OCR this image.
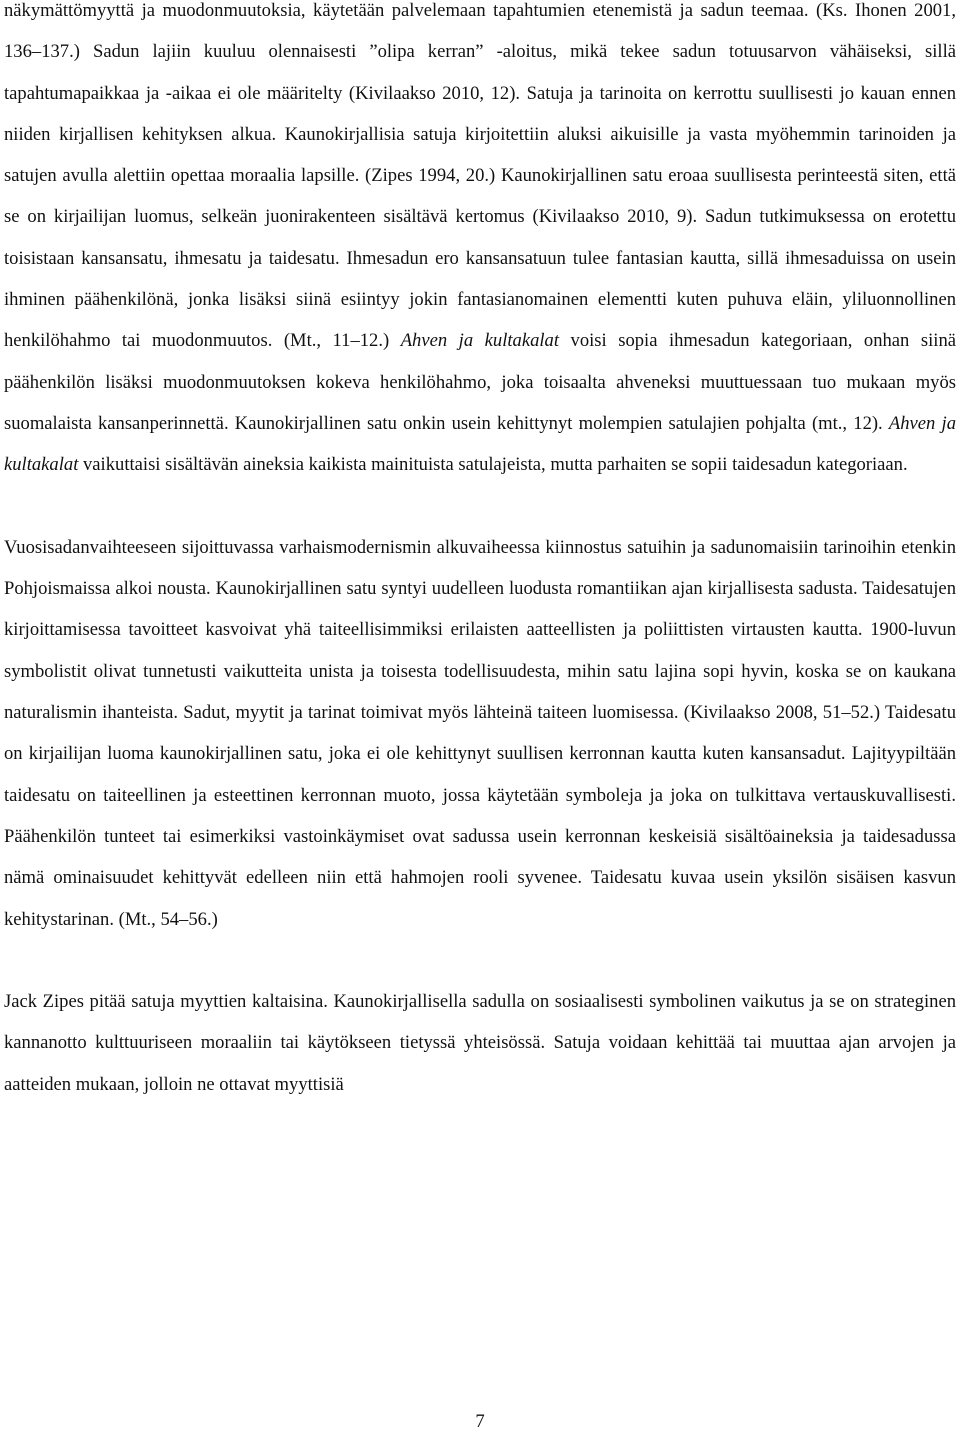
näkymättömyyttä ja muodonmuutoksia, käytetään palvelemaan tapahtumien etenemistä ja sadun teemaa. (Ks. Ihonen 2001, 136–137.) Sadun lajiin kuuluu olennaisesti ”olipa kerran” -aloitus, mikä tekee sadun totuusarvon vähäiseksi, sillä tapahtumapaikkaa ja -aikaa ei ole määritelty (Kivilaakso 2010, 12). Satuja ja tarinoita on kerrottu suullisesti jo kauan ennen niiden kirjallisen kehityksen alkua. Kaunokirjallisia satuja kirjoitettiin aluksi aikuisille ja vasta myöhemmin tarinoiden ja satujen avulla alettiin opettaa moraalia lapsille. (Zipes 1994, 20.) Kaunokirjallinen satu eroaa suullisesta perinteestä siten, että se on kirjailijan luomus, selkeän juonirakenteen sisältävä kertomus (Kivilaakso 2010, 9). Sadun tutkimuksessa on erotettu toisistaan kansansatu, ihmesatu ja taidesatu. Ihmesadun ero kansansatuun tulee fantasian kautta, sillä ihmesaduissa on usein ihminen päähenkilönä, jonka lisäksi siinä esiintyy jokin fantasianomainen elementti kuten puhuva eläin, yliluonnollinen henkilöhahmo tai muodonmuutos. (Mt., 11–12.) Ahven ja kultakalat voisi sopia ihmesadun kategoriaan, onhan siinä päähenkilön lisäksi muodonmuutoksen kokeva henkilöhahmo, joka toisaalta ahveneksi muuttuessaan tuo mukaan myös suomalaista kansanperinnettä. Kaunokirjallinen satu onkin usein kehittynyt molempien satulajien pohjalta (mt., 12). Ahven ja kultakalat vaikuttaisi sisältävän aineksia kaikista mainituista satulajeista, mutta parhaiten se sopii taidesadun kategoriaan.

Vuosisadanvaihteeseen sijoittuvassa varhaismodernismin alkuvaiheessa kiinnostus satuihin ja sadunomaisiin tarinoihin etenkin Pohjoismaissa alkoi nousta. Kaunokirjallinen satu syntyi uudelleen luodusta romantiikan ajan kirjallisesta sadusta. Taidesatujen kirjoittamisessa tavoitteet kasvoivat yhä taiteellisimmiksi erilaisten aatteellisten ja poliittisten virtausten kautta. 1900-luvun symbolistit olivat tunnetusti vaikutteita unista ja toisesta todellisuudesta, mihin satu lajina sopi hyvin, koska se on kaukana naturalismin ihanteista. Sadut, myytit ja tarinat toimivat myös lähteinä taiteen luomisessa. (Kivilaakso 2008, 51–52.) Taidesatu on kirjailijan luoma kaunokirjallinen satu, joka ei ole kehittynyt suullisen kerronnan kautta kuten kansansadut. Lajityypiltään taidesatu on taiteellinen ja esteettinen kerronnan muoto, jossa käytetään symboleja ja joka on tulkittava vertauskuvallisesti. Päähenkilön tunteet tai esimerkiksi vastoinkäymiset ovat sadussa usein kerronnan keskeisiä sisältöaineksia ja taidesadussa nämä ominaisuudet kehittyvät edelleen niin että hahmojen rooli syvenee. Taidesatu kuvaa usein yksilön sisäisen kasvun kehitystarinan. (Mt., 54–56.)

Jack Zipes pitää satuja myyttien kaltaisina. Kaunokirjallisella sadulla on sosiaalisesti symbolinen vaikutus ja se on strateginen kannanotto kulttuuriseen moraaliin tai käytökseen tietyssä yhteisössä. Satuja voidaan kehittää tai muuttaa ajan arvojen ja aatteiden mukaan, jolloin ne ottavat myyttisiä

7
